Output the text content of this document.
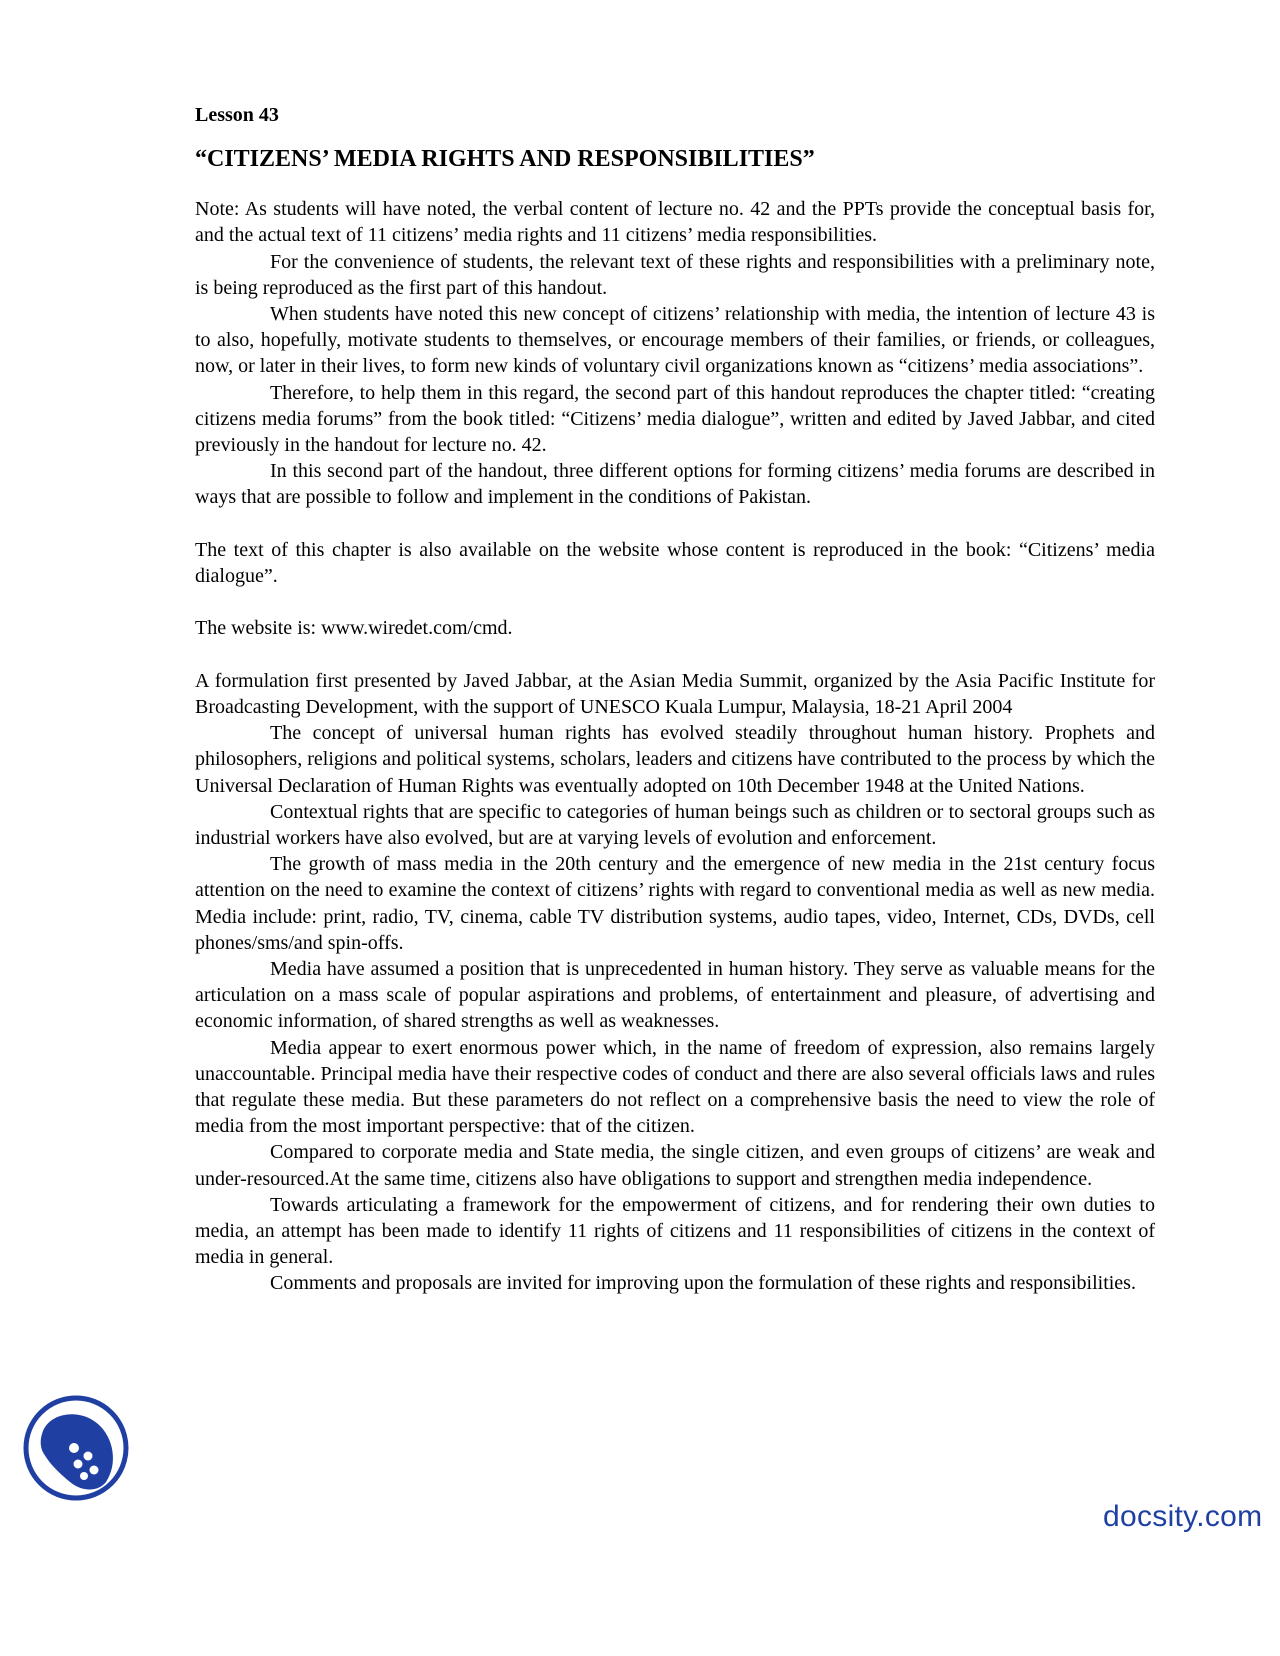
Lesson 43
“CITIZENS’ MEDIA RIGHTS AND RESPONSIBILITIES”

Note: As students will have noted, the verbal content of lecture no. 42 and the PPTs provide the conceptual basis for, and the actual text of 11 citizens’ media rights and 11 citizens’ media responsibilities.

For the convenience of students, the relevant text of these rights and responsibilities with a preliminary note, is being reproduced as the first part of this handout.

When students have noted this new concept of citizens’ relationship with media, the intention of lecture 43 is to also, hopefully, motivate students to themselves, or encourage members of their families, or friends, or colleagues, now, or later in their lives, to form new kinds of voluntary civil organizations known as “citizens’ media associations”.

Therefore, to help them in this regard, the second part of this handout reproduces the chapter titled: “creating citizens media forums” from the book titled: “Citizens’ media dialogue”, written and edited by Javed Jabbar, and cited previously in the handout for lecture no. 42.

In this second part of the handout, three different options for forming citizens’ media forums are described in ways that are possible to follow and implement in the conditions of Pakistan.

The text of this chapter is also available on the website whose content is reproduced in the book: “Citizens’ media dialogue”.

The website is: www.wiredet.com/cmd.

A formulation first presented by Javed Jabbar, at the Asian Media Summit, organized by the Asia Pacific Institute for Broadcasting Development, with the support of UNESCO Kuala Lumpur, Malaysia, 18-21 April 2004

The concept of universal human rights has evolved steadily throughout human history. Prophets and philosophers, religions and political systems, scholars, leaders and citizens have contributed to the process by which the Universal Declaration of Human Rights was eventually adopted on 10th December 1948 at the United Nations.

Contextual rights that are specific to categories of human beings such as children or to sectoral groups such as industrial workers have also evolved, but are at varying levels of evolution and enforcement.

The growth of mass media in the 20th century and the emergence of new media in the 21st century focus attention on the need to examine the context of citizens’ rights with regard to conventional media as well as new media. Media include: print, radio, TV, cinema, cable TV distribution systems, audio tapes, video, Internet, CDs, DVDs, cell phones/sms/and spin-offs.

Media have assumed a position that is unprecedented in human history. They serve as valuable means for the articulation on a mass scale of popular aspirations and problems, of entertainment and pleasure, of advertising and economic information, of shared strengths as well as weaknesses.

Media appear to exert enormous power which, in the name of freedom of expression, also remains largely unaccountable. Principal media have their respective codes of conduct and there are also several officials laws and rules that regulate these media. But these parameters do not reflect on a comprehensive basis the need to view the role of media from the most important perspective: that of the citizen.

Compared to corporate media and State media, the single citizen, and even groups of citizens’ are weak and under-resourced.At the same time, citizens also have obligations to support and strengthen media independence.

Towards articulating a framework for the empowerment of citizens, and for rendering their own duties to media, an attempt has been made to identify 11 rights of citizens and 11 responsibilities of citizens in the context of media in general.

Comments and proposals are invited for improving upon the formulation of these rights and responsibilities.

docsity.com
